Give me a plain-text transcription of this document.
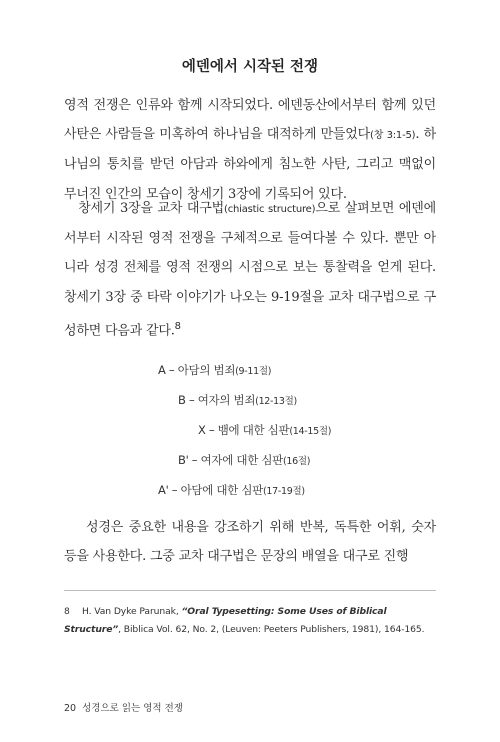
에덴에서 시작된 전쟁

영적 전쟁은 인류와 함께 시작되었다. 에덴동산에서부터 함께 있던 사탄은 사람들을 미혹하여 하나님을 대적하게 만들었다(창 3:1-5). 하나님의 통치를 받던 아담과 하와에게 침노한 사탄, 그리고 맥없이 무너진 인간의 모습이 창세기 3장에 기록되어 있다.

창세기 3장을 교차 대구법(chiastic structure)으로 살펴보면 에덴에서부터 시작된 영적 전쟁을 구체적으로 들여다볼 수 있다. 뿐만 아니라 성경 전체를 영적 전쟁의 시점으로 보는 통찰력을 얻게 된다. 창세기 3장 중 타락 이야기가 나오는 9-19절을 교차 대구법으로 구성하면 다음과 같다.$^8$

A – 아담의 범죄(9-11절)
B – 여자의 범죄(12-13절)
X – 뱀에 대한 심판(14-15절)
B' – 여자에 대한 심판(16절)
A' – 아담에 대한 심판(17-19절)

성경은 중요한 내용을 강조하기 위해 반복, 독특한 어휘, 숫자 등을 사용한다. 그중 교차 대구법은 문장의 배열을 대구로 진행

8 H. Van Dyke Parunak, “Oral Typesetting: Some Uses of Biblical Structure”, Biblica Vol. 62, No. 2, (Leuven: Peeters Publishers, 1981), 164-165.

20 성경으로 읽는 영적 전쟁
